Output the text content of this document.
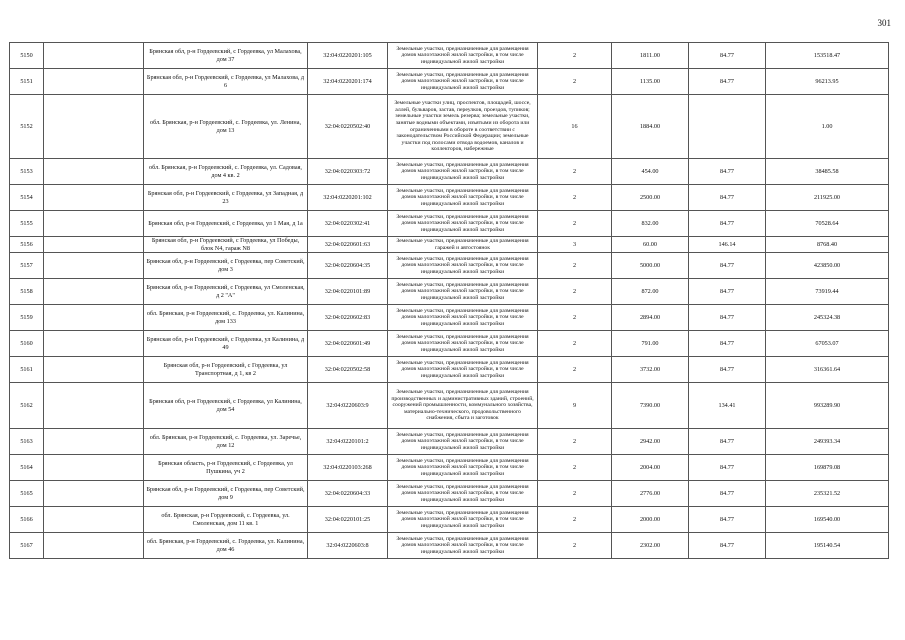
301
5150		Брянская обл, р-н Гордеевский, с Гордеевка, ул Малахова, дом 37	32:04:0220201:105	Земельные участки, предназначенные для размещения домов малоэтажной жилой застройки, в том числе индивидуальной жилой застройки	2	1811.00	84.77	153518.47
5151		Брянская обл, р-н Гордеевский, с Гордеевка, ул Малахова, д 6	32:04:0220201:174	Земельные участки, предназначенные для размещения домов малоэтажной жилой застройки, в том числе индивидуальной жилой застройки	2	1135.00	84.77	96213.95
5152		обл. Брянская, р-н Гордеевский, с. Гордеевка, ул. Ленина, дом 13	32:04:0220502:40	Земельные участки улиц, проспектов, площадей, шоссе, аллей, бульваров, застав, переулков, проездов, тупиков; земельные участки земель резерва; земельные участки, занятые водными объектами, изъятыми из оборота или ограниченными в обороте в соответствии с законодательством Российской Федерации; земельные участки под полосами отвода водоемов, каналов и коллекторов, набережные	16	1884.00		1.00
5153		обл. Брянская, р-н Гордеевский, с. Гордеевка, ул. Садовая, дом 4 кв. 2	32:04:0220303:72	Земельные участки, предназначенные для размещения домов малоэтажной жилой застройки, в том числе индивидуальной жилой застройки	2	454.00	84.77	38485.58
5154		Брянская обл, р-н Гордеевский, с Гордеевка, ул Западная, д 23	32:04:0220201:102	Земельные участки, предназначенные для размещения домов малоэтажной жилой застройки, в том числе индивидуальной жилой застройки	2	2500.00	84.77	211925.00
5155		Брянская обл, р-н Гордеевский, с Гордеевка, ул 1 Мая, д 1а	32:04:0220302:41	Земельные участки, предназначенные для размещения домов малоэтажной жилой застройки, в том числе индивидуальной жилой застройки	2	832.00	84.77	70528.64
5156		Брянская обл, р-н Гордеевский, с Гордеевка, ул Победы, блок N4, гараж N8	32:04:0220601:63	Земельные участки, предназначенные для размещения гаражей и автостоянок	3	60.00	146.14	8768.40
5157		Брянская обл, р-н Гордеевский, с Гордеевка, пер Советский, дом 3	32:04:0220604:35	Земельные участки, предназначенные для размещения домов малоэтажной жилой застройки, в том числе индивидуальной жилой застройки	2	5000.00	84.77	423850.00
5158		Брянская обл, р-н Гордеевский, с Гордеевка, ул Смоленская, д 2 "А"	32:04:0220101:89	Земельные участки, предназначенные для размещения домов малоэтажной жилой застройки, в том числе индивидуальной жилой застройки	2	872.00	84.77	73919.44
5159		обл. Брянская, р-н Гордеевский, с. Гордеевка, ул. Калинина, дом 133	32:04:0220602:83	Земельные участки, предназначенные для размещения домов малоэтажной жилой застройки, в том числе индивидуальной жилой застройки	2	2894.00	84.77	245324.38
5160		Брянская обл, р-н Гордеевский, с Гордеевка, ул Калинина, д 49	32:04:0220601:49	Земельные участки, предназначенные для размещения домов малоэтажной жилой застройки, в том числе индивидуальной жилой застройки	2	791.00	84.77	67053.07
5161		Брянская обл, р-н Гордеевский, с Гордеевка, ул Транспортная, д 1, кв 2	32:04:0220502:58	Земельные участки, предназначенные для размещения домов малоэтажной жилой застройки, в том числе индивидуальной жилой застройки	2	3732.00	84.77	316361.64
5162		Брянская обл, р-н Гордеевский, с Гордеевка, ул Калинина, дом 54	32:04:0220603:9	Земельные участки, предназначенные для размещения производственных и административных зданий, строений, сооружений промышленности, коммунального хозяйства, материально-технического, продовольственного снабжения, сбыта и заготовок	9	7390.00	134.41	993289.90
5163		обл. Брянская, р-н Гордеевский, с. Гордеевка, ул. Заречье, дом 12	32:04:0220101:2	Земельные участки, предназначенные для размещения домов малоэтажной жилой застройки, в том числе индивидуальной жилой застройки	2	2942.00	84.77	249393.34
5164		Брянская область, р-н Гордеевский, с Гордеевка, ул Пушкина, уч 2	32:04:0220103:268	Земельные участки, предназначенные для размещения домов малоэтажной жилой застройки, в том числе индивидуальной жилой застройки	2	2004.00	84.77	169879.08
5165		Брянская обл, р-н Гордеевский, с Гордеевка, пер Советский, дом 9	32:04:0220604:33	Земельные участки, предназначенные для размещения домов малоэтажной жилой застройки, в том числе индивидуальной жилой застройки	2	2776.00	84.77	235321.52
5166		обл. Брянская, р-н Гордеевский, с. Гордеевка, ул. Смоленская, дом 11 кв. 1	32:04:0220101:25	Земельные участки, предназначенные для размещения домов малоэтажной жилой застройки, в том числе индивидуальной жилой застройки	2	2000.00	84.77	169540.00
5167		обл. Брянская, р-н Гордеевский, с. Гордеевка, ул. Калинина, дом 46	32:04:0220603:8	Земельные участки, предназначенные для размещения домов малоэтажной жилой застройки, в том числе индивидуальной жилой застройки	2	2302.00	84.77	195140.54
